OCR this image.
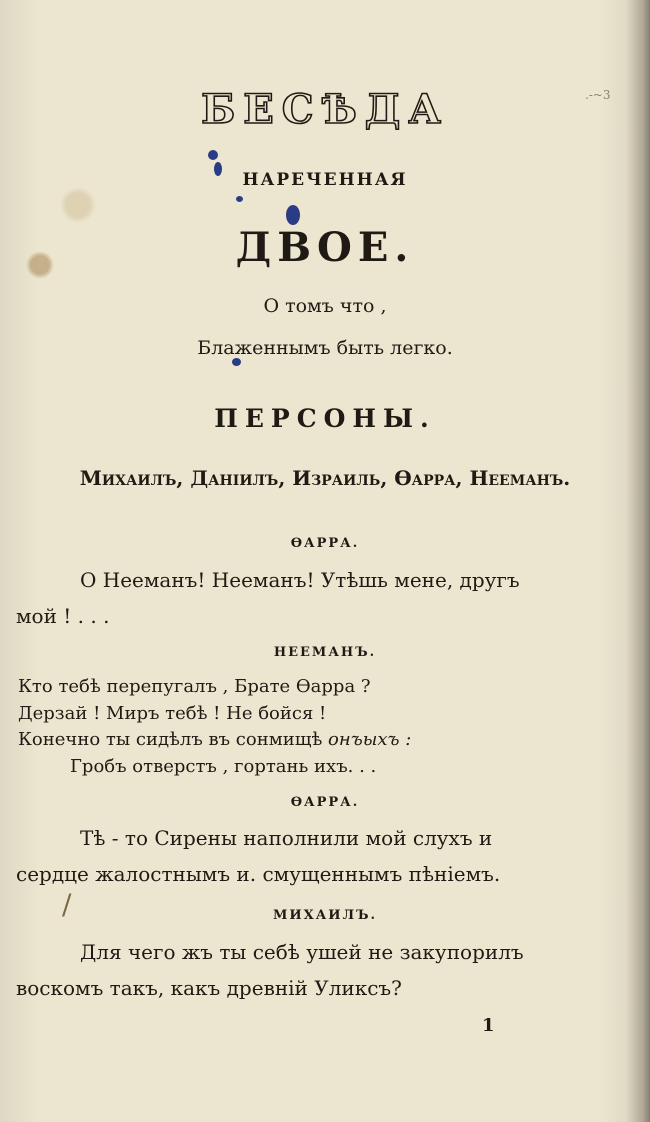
.-~3
/
БЕСѢДА
НАРЕЧЕННАЯ
ДВОЕ.
О томъ что ,
Блаженнымъ быть легко.
ПЕРСОНЫ.
Михаилъ, Даніилъ, Израиль, Ѳарра, Нееманъ.
ѲАРРА.
О Нееманъ! Нееманъ! Утѣшь мене, другъ
мой ! . . .
НЕЕМАНЪ.
Кто тебѣ перепугалъ , Брате Ѳарра ?
Дерзай ! Миръ тебѣ ! Не бойся !
Конечно ты сидѣлъ въ сонмищѣ онъыхъ :
Гробъ отверстъ , гортань ихъ. . .
ѲАРРА.
Тѣ - то Сирены наполнили мой слухъ и
сердце жалостнымъ и. смущеннымъ пѣніемъ.
МИХАИЛЪ.
Для чего жъ ты себѣ ушей не закупорилъ
воскомъ такъ, какъ древній Уликсъ?
1
